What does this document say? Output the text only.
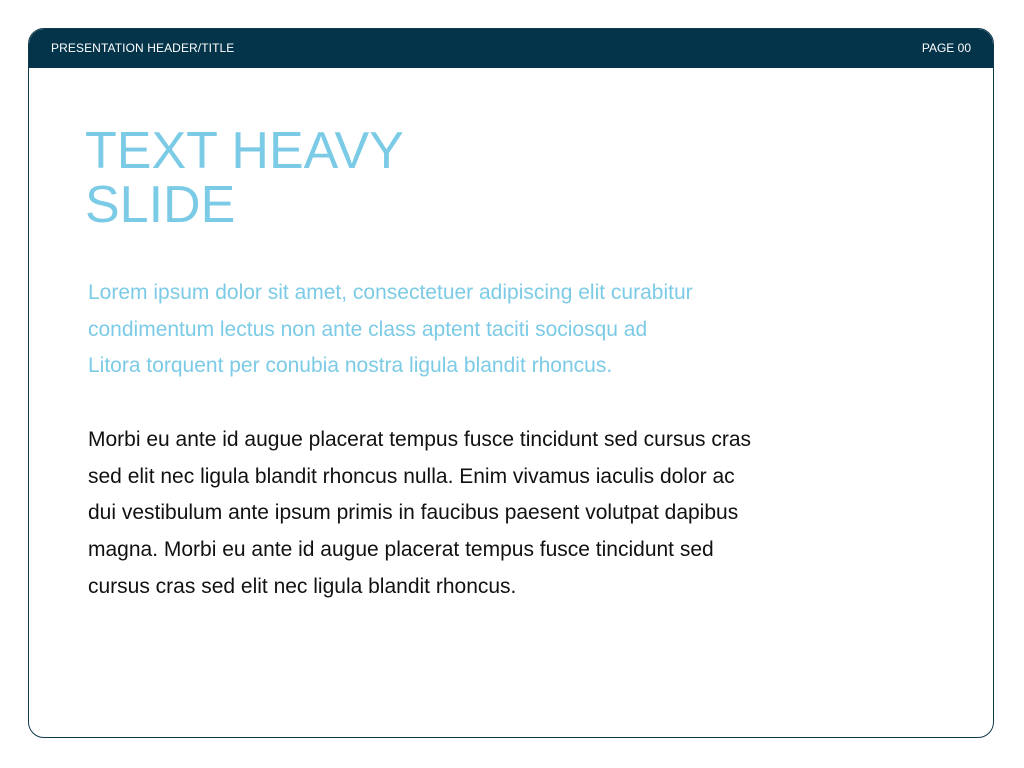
PRESENTATION HEADER/TITLE	PAGE 00
TEXT HEAVY
SLIDE

Lorem ipsum dolor sit amet, consectetuer adipiscing elit curabitur
condimentum lectus non ante class aptent taciti sociosqu ad
Litora torquent per conubia nostra ligula blandit rhoncus.

Morbi eu ante id augue placerat tempus fusce tincidunt sed cursus cras
sed elit nec ligula blandit rhoncus nulla. Enim vivamus iaculis dolor ac
dui vestibulum ante ipsum primis in faucibus paesent volutpat dapibus
magna. Morbi eu ante id augue placerat tempus fusce tincidunt sed
cursus cras sed elit nec ligula blandit rhoncus.
